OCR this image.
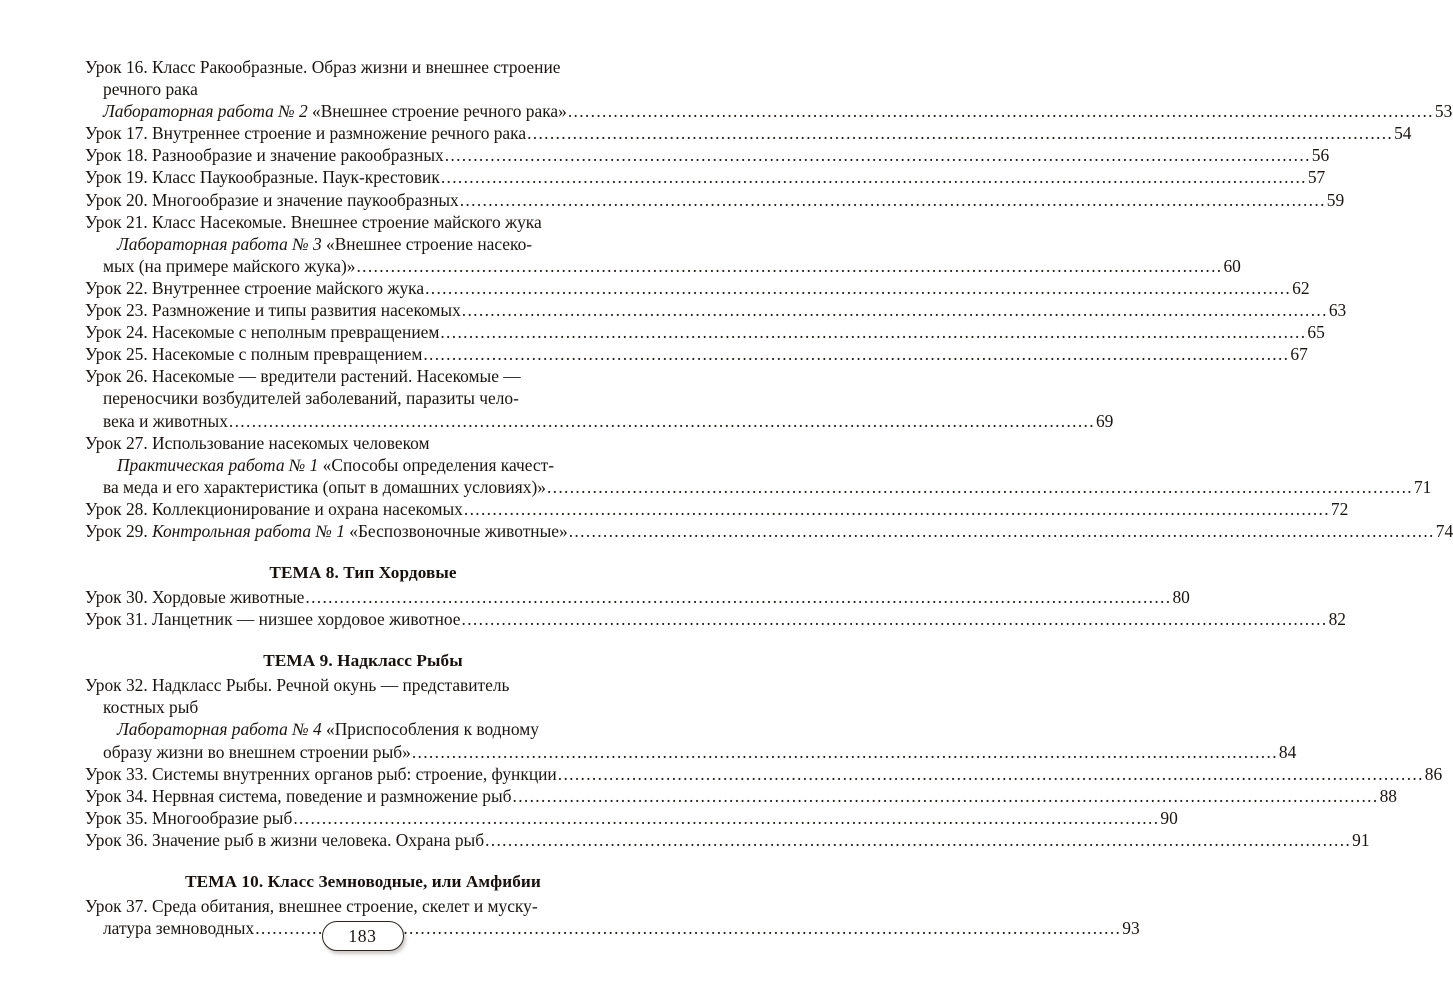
Урок 16. Класс Ракообразные. Образ жизни и внешнее строение
речного рака
Лабораторная работа № 2 «Внешнее строение речного рака» .....	53
Урок 17. Внутреннее строение и размножение речного рака .....	54
Урок 18. Разнообразие и значение ракообразных .....	56
Урок 19. Класс Паукообразные. Паук-крестовик .....	57
Урок 20. Многообразие и значение паукообразных .....	59
Урок 21. Класс Насекомые. Внешнее строение майского жука
Лабораторная работа № 3 «Внешнее строение насеко-
мых (на примере майского жука)» .....	60
Урок 22. Внутреннее строение майского жука .....	62
Урок 23. Размножение и типы развития насекомых .....	63
Урок 24. Насекомые с неполным превращением .....	65
Урок 25. Насекомые с полным превращением .....	67
Урок 26. Насекомые — вредители растений. Насекомые —
переносчики возбудителей заболеваний, паразиты чело-
века и животных .....	69
Урок 27. Использование насекомых человеком
Практическая работа № 1 «Способы определения качест-
ва меда и его характеристика (опыт в домашних условиях)» .....	71
Урок 28. Коллекционирование и охрана насекомых .....	72
Урок 29. Контрольная работа № 1 «Беспозвоночные животные» .....	74
ТЕМА 8. Тип Хордовые
Урок 30. Хордовые животные .....	80
Урок 31. Ланцетник — низшее хордовое животное .....	82
ТЕМА 9. Надкласс Рыбы
Урок 32. Надкласс Рыбы. Речной окунь — представитель
костных рыб
Лабораторная работа № 4 «Приспособления к водному
образу жизни во внешнем строении рыб» .....	84
Урок 33. Системы внутренних органов рыб: строение, функции .....	86
Урок 34. Нервная система, поведение и размножение рыб .....	88
Урок 35. Многообразие рыб .....	90
Урок 36. Значение рыб в жизни человека. Охрана рыб .....	91
ТЕМА 10. Класс Земноводные, или Амфибии
Урок 37. Среда обитания, внешнее строение, скелет и муску-
латура земноводных .....	93
183
